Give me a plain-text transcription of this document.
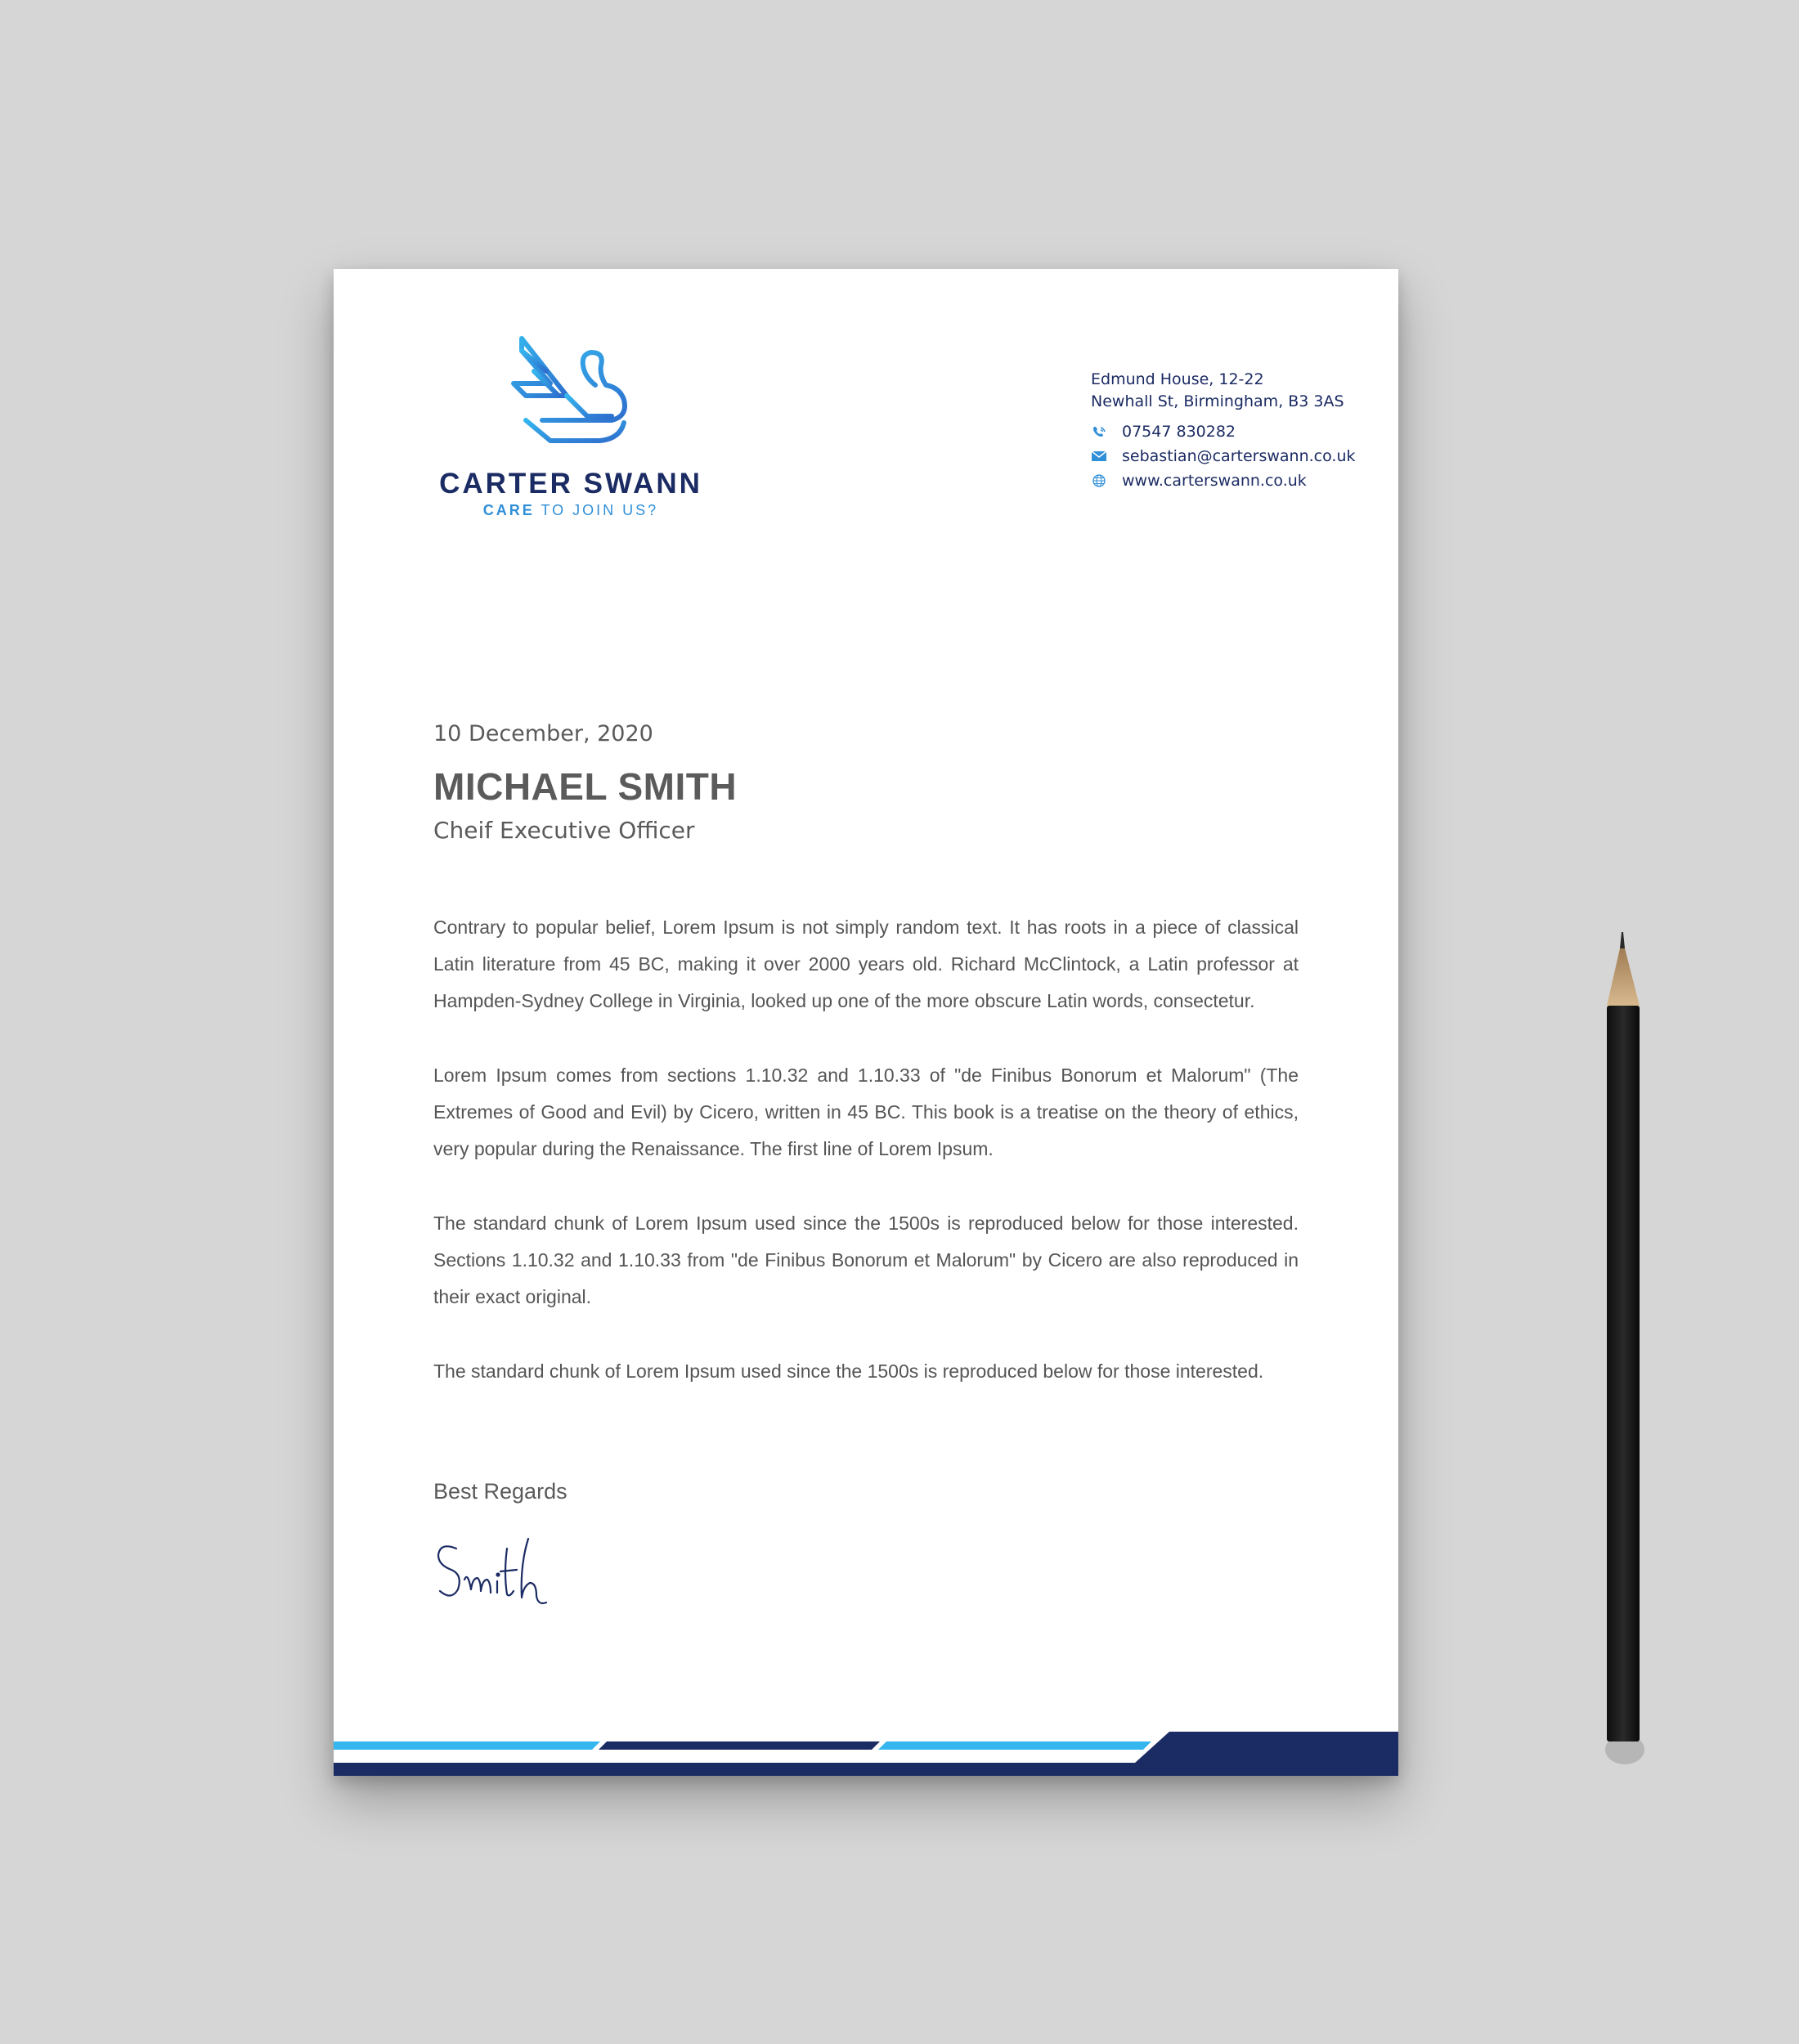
CARTER SWANN
CARE TO JOIN US?
Edmund House, 12-22
Newhall St, Birmingham, B3 3AS
07547 830282
sebastian@carterswann.co.uk
www.carterswann.co.uk
10 December, 2020
MICHAEL SMITH
Cheif Executive Officer

Contrary to popular belief, Lorem Ipsum is not simply random text. It has roots in a piece of classical Latin literature from 45 BC, making it over 2000 years old. Richard McClintock, a Latin professor at Hampden-Sydney College in Virginia, looked up one of the more obscure Latin words, consectetur.

Lorem Ipsum comes from sections 1.10.32 and 1.10.33 of "de Finibus Bonorum et Malorum" (The Extremes of Good and Evil) by Cicero, written in 45 BC. This book is a treatise on the theory of ethics, very popular during the Renaissance. The first line of Lorem Ipsum.

The standard chunk of Lorem Ipsum used since the 1500s is reproduced below for those interested. Sections 1.10.32 and 1.10.33 from "de Finibus Bonorum et Malorum" by Cicero are also reproduced in their exact original.

The standard chunk of Lorem Ipsum used since the 1500s is reproduced below for those interested.

Best Regards
